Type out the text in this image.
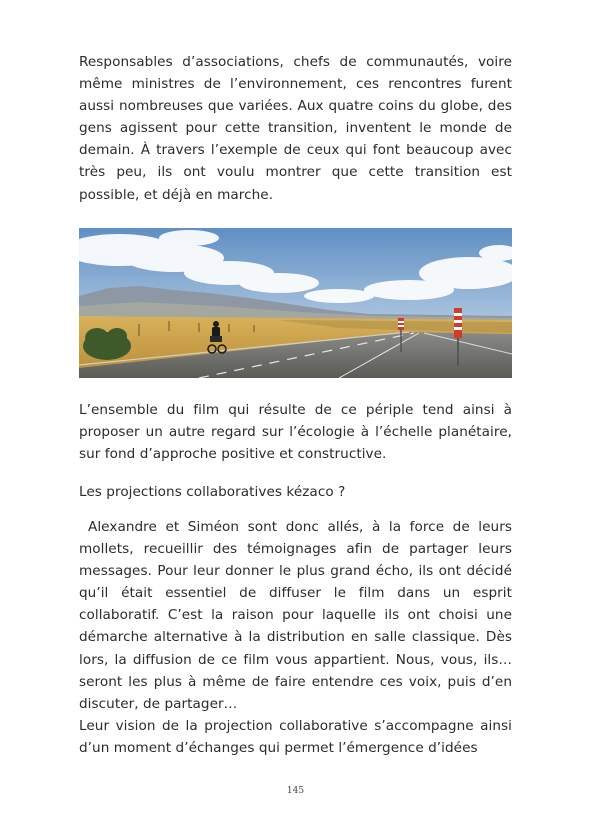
Responsables d’associations, chefs de communautés, voire même ministres de l’environnement, ces rencontres furent aussi nombreuses que variées. Aux quatre coins du globe, des gens agissent pour cette transition, inventent le monde de demain. À travers l’exemple de ceux qui font beaucoup avec très peu, ils ont voulu montrer que cette transition est possible, et déjà en marche.

L’ensemble du film qui résulte de ce périple tend ainsi à proposer un autre regard sur l’écologie à l’échelle planétaire, sur fond d’approche positive et constructive.

Les projections collaboratives kézaco ?

Alexandre et Siméon sont donc allés, à la force de leurs mollets, recueillir des témoignages afin de partager leurs messages. Pour leur donner le plus grand écho, ils ont décidé qu’il était essentiel de diffuser le film dans un esprit collaboratif. C’est la raison pour laquelle ils ont choisi une démarche alternative à la distribution en salle classique. Dès lors, la diffusion de ce film vous appartient. Nous, vous, ils… seront les plus à même de faire entendre ces voix, puis d’en discuter, de partager…

Leur vision de la projection collaborative s’accompagne ainsi d’un moment d’échanges qui permet l’émergence d’idées

145
